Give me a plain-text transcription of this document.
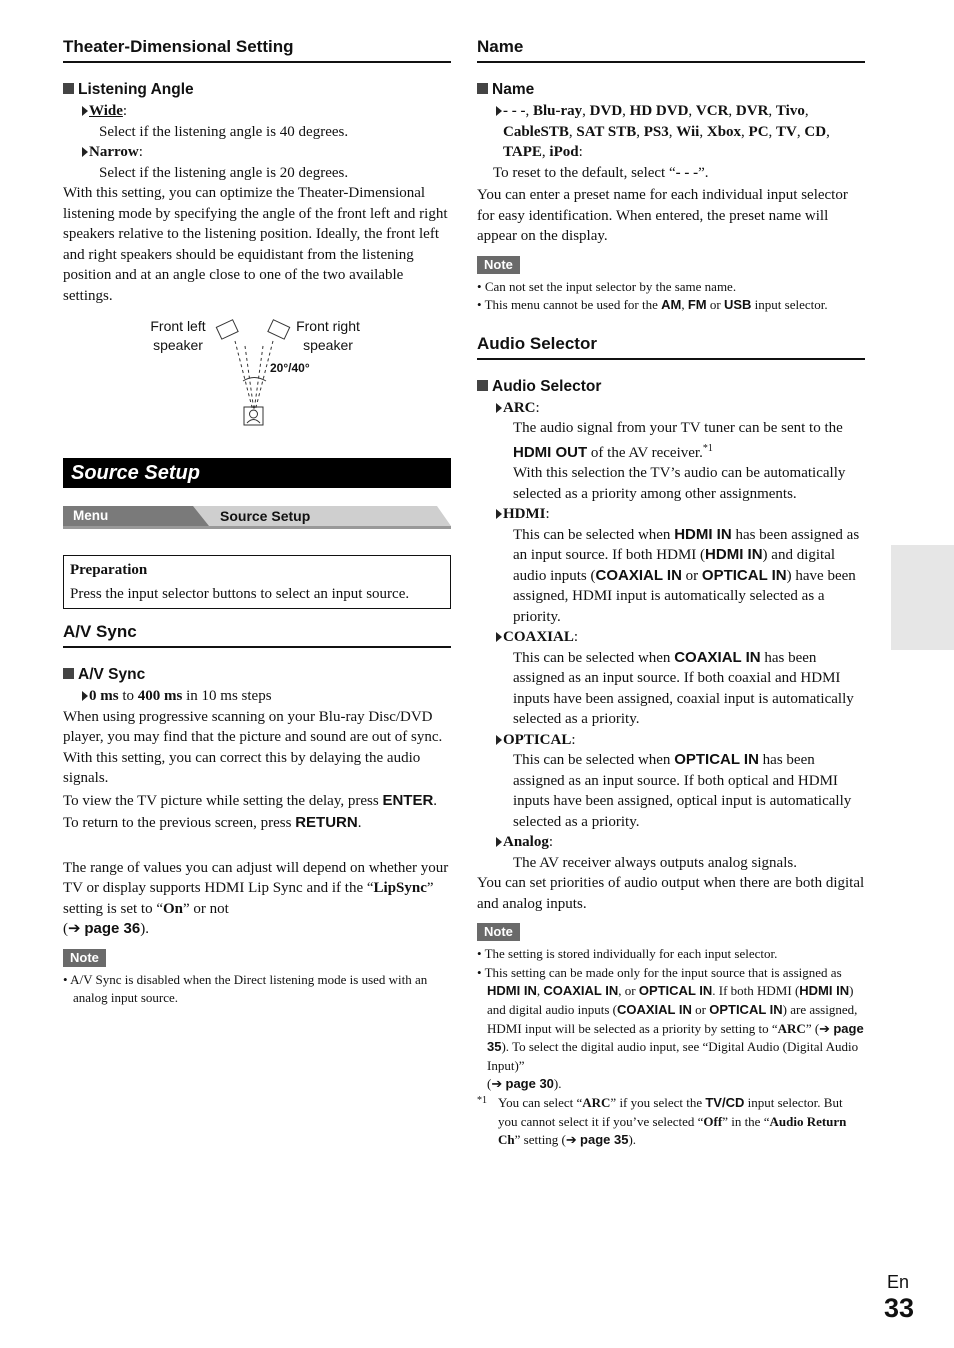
Theater-Dimensional Setting
Listening Angle
Wide:

Select if the listening angle is 40 degrees.

Narrow:

Select if the listening angle is 20 degrees.

With this setting, you can optimize the Theater-Dimensional listening mode by specifying the angle of the front left and right speakers relative to the listening position. Ideally, the front left and right speakers should be equidistant from the listening position and at an angle close to one of the two available settings.

Front left
speaker
Front right
speaker
20°/40°
Source Setup
Menu	Source Setup
Preparation
Press the input selector buttons to select an input source.
A/V Sync
A/V Sync
0 ms to 400 ms in 10 ms steps

When using progressive scanning on your Blu-ray Disc/DVD player, you may find that the picture and sound are out of sync. With this setting, you can correct this by delaying the audio signals.

To view the TV picture while setting the delay, press ENTER.

To return to the previous screen, press RETURN.

The range of values you can adjust will depend on whether your TV or display supports HDMI Lip Sync and if the “LipSync” setting is set to “On” or not
(➔ page 36).

Note

• A/V Sync is disabled when the Direct listening mode is used with an analog input source.

Name
Name
- - -, Blu-ray, DVD, HD DVD, VCR, DVR, Tivo, CableSTB, SAT STB, PS3, Wii, Xbox, PC, TV, CD, TAPE, iPod:

To reset to the default, select “- - -”.

You can enter a preset name for each individual input selector for easy identification. When entered, the preset name will appear on the display.

Note

• Can not set the input selector by the same name.

• This menu cannot be used for the AM, FM or USB input selector.

Audio Selector
Audio Selector
ARC:

The audio signal from your TV tuner can be sent to the HDMI OUT of the AV receiver.$^{*1}$
With this selection the TV’s audio can be automatically selected as a priority among other assignments.

HDMI:

This can be selected when HDMI IN has been assigned as an input source. If both HDMI (HDMI IN) and digital audio inputs (COAXIAL IN or OPTICAL IN) have been assigned, HDMI input is automatically selected as a priority.

COAXIAL:

This can be selected when COAXIAL IN has been assigned as an input source. If both coaxial and HDMI inputs have been assigned, coaxial input is automatically selected as a priority.

OPTICAL:

This can be selected when OPTICAL IN has been assigned as an input source. If both optical and HDMI inputs have been assigned, optical input is automatically selected as a priority.

Analog:

The AV receiver always outputs analog signals.

You can set priorities of audio output when there are both digital and analog inputs.

Note

• The setting is stored individually for each input selector.

• This setting can be made only for the input source that is assigned as HDMI IN, COAXIAL IN, or OPTICAL IN. If both HDMI (HDMI IN) and digital audio inputs (COAXIAL IN or OPTICAL IN) are assigned, HDMI input will be selected as a priority by setting to “ARC” (➔ page 35). To select the digital audio input, see “Digital Audio (Digital Audio Input)”
(➔ page 30).

*1 You can select “ARC” if you select the TV/CD input selector. But you cannot select it if you’ve selected “Off” in the “Audio Return Ch” setting (➔ page 35).
En
33
